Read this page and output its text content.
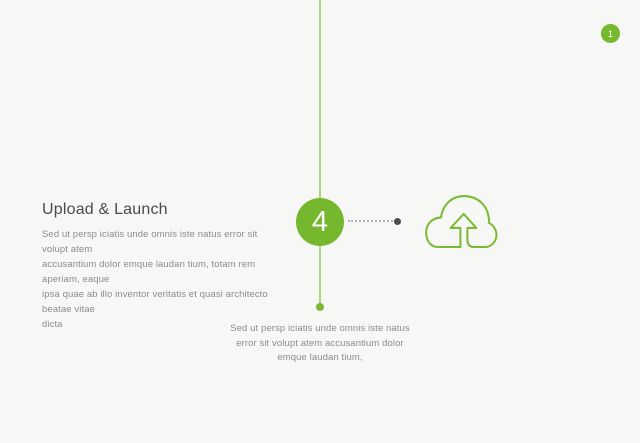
1
Upload & Launch
Sed ut persp iciatis unde omnis iste natus error sit volupt atem
accusantium dolor emque laudan tium, totam rem aperiam, eaque
ipsa quae ab illo inventor veritatis et quasi architecto beatae vitae
dicta
4
Sed ut persp iciatis unde omnis iste natus
error sit volupt atem accusantium dolor
emque laudan tium,
